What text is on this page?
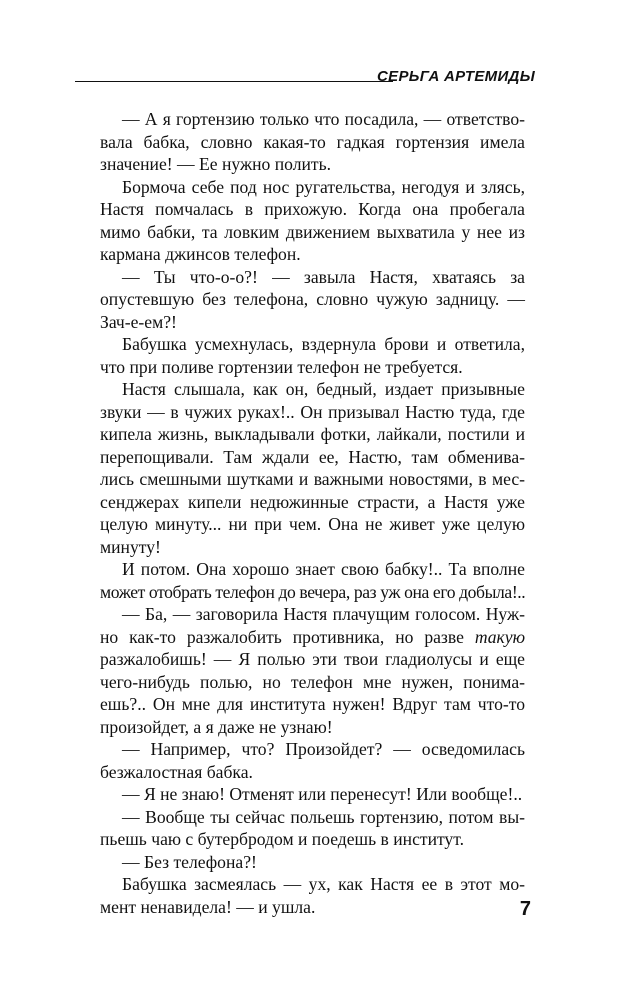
СЕРЬГА АРТЕМИДЫ
— А я гортензию только что посадила, — ответство-
вала бабка, словно какая-то гадкая гортензия имела
значение! — Ее нужно полить.
Бормоча себе под нос ругательства, негодуя и злясь,
Настя помчалась в прихожую. Когда она пробегала
мимо бабки, та ловким движением выхватила у нее из
кармана джинсов телефон.
— Ты что-о-о?! — завыла Настя, хватаясь за
опустевшую без телефона, словно чужую задницу. —
Зач-е-ем?!
Бабушка усмехнулась, вздернула брови и ответила,
что при поливе гортензии телефон не требуется.
Настя слышала, как он, бедный, издает призывные
звуки — в чужих руках!.. Он призывал Настю туда, где
кипела жизнь, выкладывали фотки, лайкали, постили и
перепощивали. Там ждали ее, Настю, там обменива-
лись смешными шутками и важными новостями, в мес-
сенджерах кипели недюжинные страсти, а Настя уже
целую минуту... ни при чем. Она не живет уже целую
минуту!
И потом. Она хорошо знает свою бабку!.. Та вполне
может отобрать телефон до вечера, раз уж она его добыла!..
— Ба, — заговорила Настя плачущим голосом. Нуж-
но как-то разжалобить противника, но разве такую
разжалобишь! — Я полью эти твои гладиолусы и еще
чего-нибудь полью, но телефон мне нужен, понима-
ешь?.. Он мне для института нужен! Вдруг там что-то
произойдет, а я даже не узнаю!
— Например, что? Произойдет? — осведомилась
безжалостная бабка.
— Я не знаю! Отменят или перенесут! Или вообще!..
— Вообще ты сейчас польешь гортензию, потом вы-
пьешь чаю с бутербродом и поедешь в институт.
— Без телефона?!
Бабушка засмеялась — ух, как Настя ее в этот мо-
мент ненавидела! — и ушла.	7
